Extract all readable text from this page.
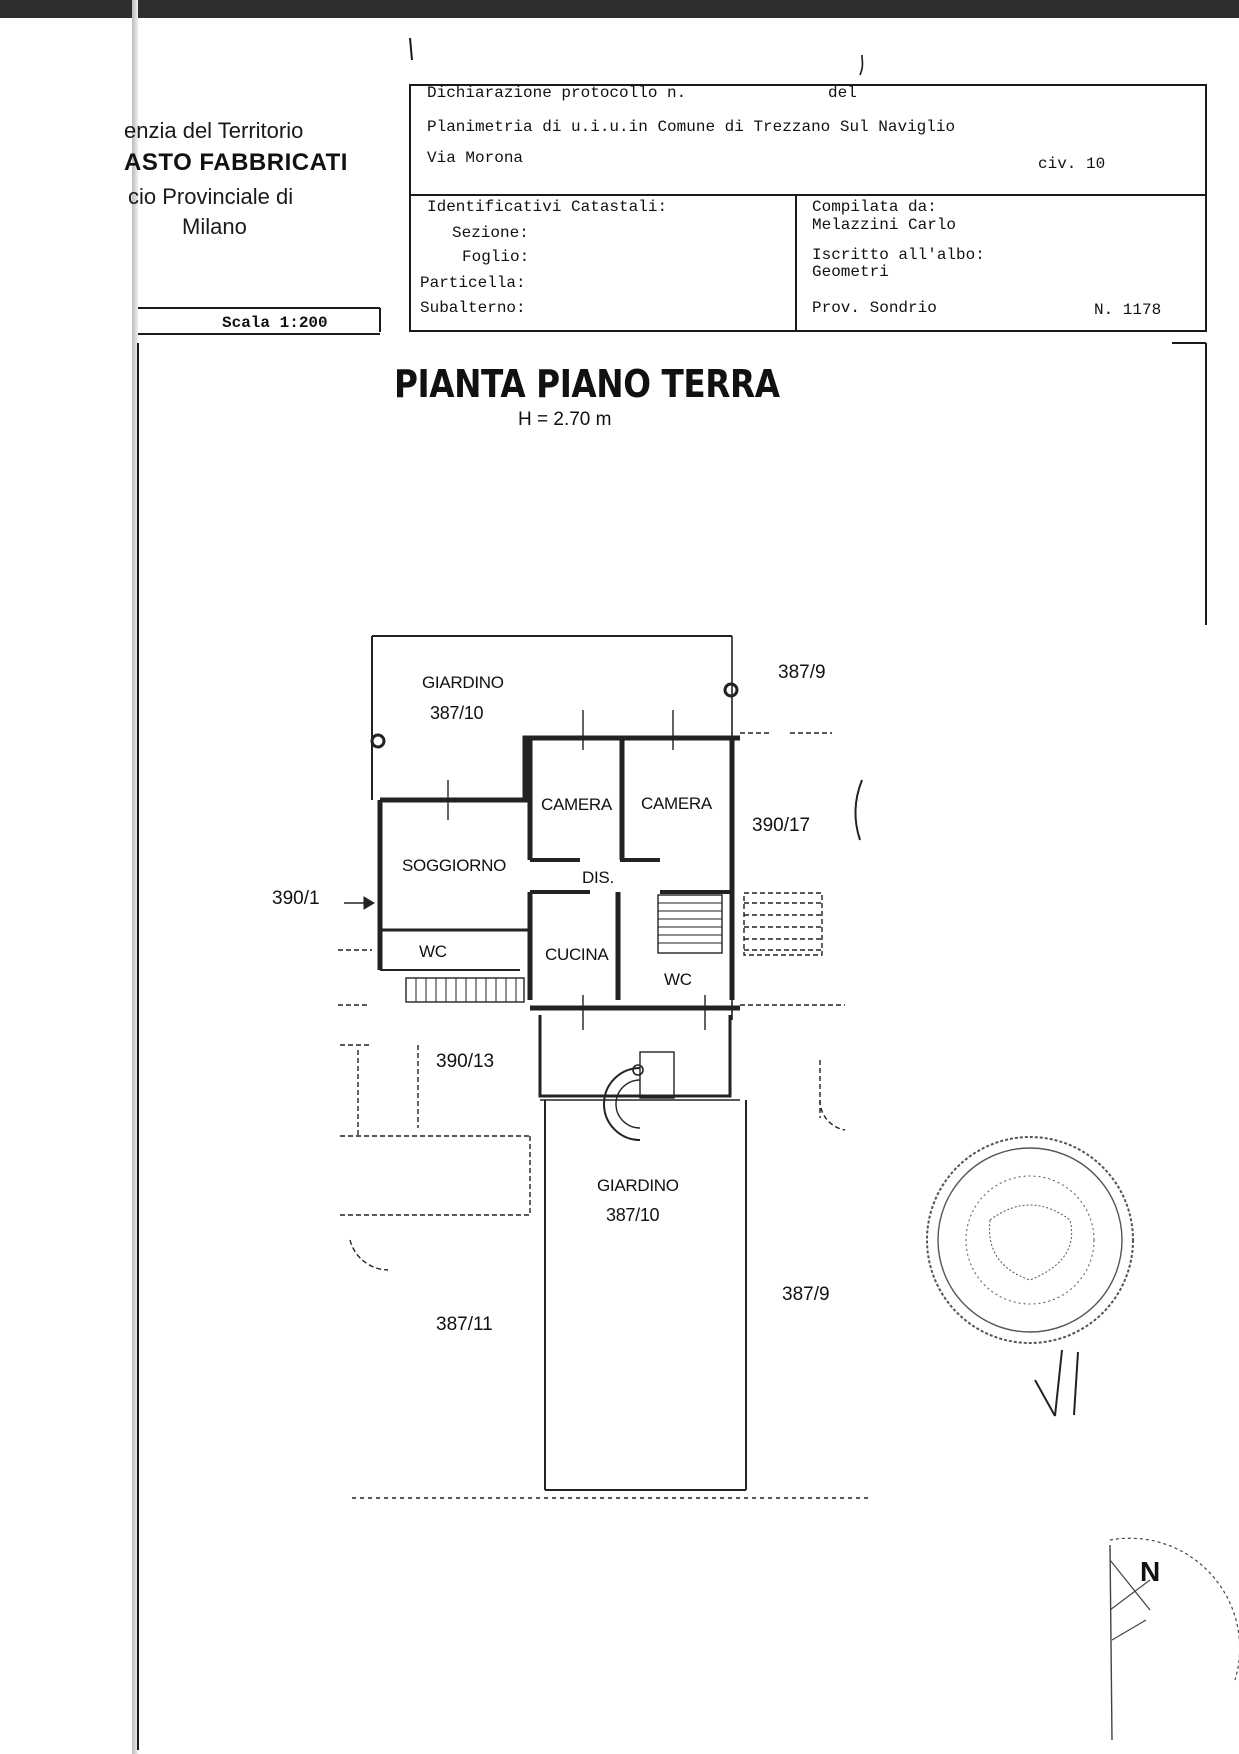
enzia del Territorio
ASTO FABBRICATI
cio Provinciale di
Milano
Dichiarazione protocollo n.	del
Planimetria di u.i.u.in Comune di Trezzano Sul Naviglio
Via Morona	civ. 10
Identificativi Catastali:
Sezione:
Foglio:
Particella:
Subalterno:
Compilata da:
Melazzini Carlo
Iscritto all'albo:
Geometri
Prov. Sondrio	N. 1178
Scala 1:200
PIANTA PIANO TERRA
H = 2.70 m
GIARDINO
387/10
CAMERA CAMERA
SOGGIORNO
DIS.
WC	CUCINA
WC
GIARDINO
387/10
387/9
390/17
390/1
390/13
387/9
387/11
N
